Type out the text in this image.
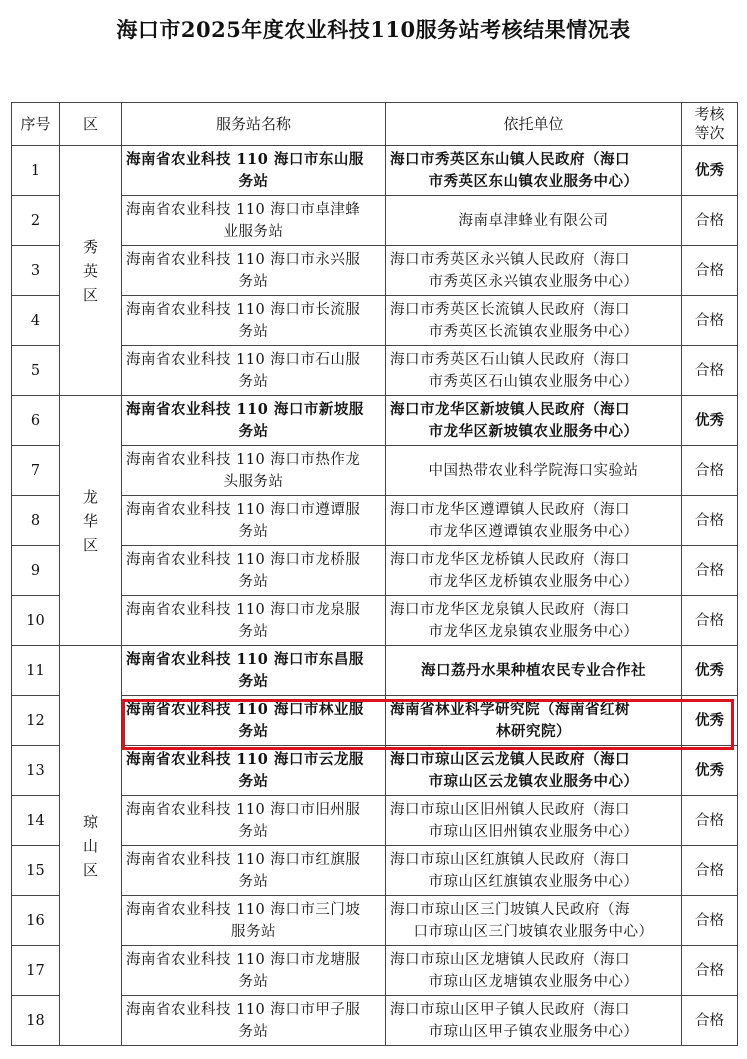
海口市2025年度农业科技110服务站考核结果情况表
序号	区	服务站名称	依托单位	考核
等次

1	秀英区	海南省农业科技 110 海口市东山服
务站	海口市秀英区东山镇人民政府（海口
市秀英区东山镇农业服务中心）	优秀
2		海南省农业科技 110 海口市卓津蜂
业服务站	海南卓津蜂业有限公司	合格
3		海南省农业科技 110 海口市永兴服
务站	海口市秀英区永兴镇人民政府（海口
市秀英区永兴镇农业服务中心）	合格
4		海南省农业科技 110 海口市长流服
务站	海口市秀英区长流镇人民政府（海口
市秀英区长流镇农业服务中心）	合格
5		海南省农业科技 110 海口市石山服
务站	海口市秀英区石山镇人民政府（海口
市秀英区石山镇农业服务中心）	合格
6	龙华区	海南省农业科技 110 海口市新坡服
务站	海口市龙华区新坡镇人民政府（海口
市龙华区新坡镇农业服务中心）	优秀
7		海南省农业科技 110 海口市热作龙
头服务站	中国热带农业科学院海口实验站	合格
8		海南省农业科技 110 海口市遵谭服
务站	海口市龙华区遵谭镇人民政府（海口
市龙华区遵谭镇农业服务中心）	合格
9		海南省农业科技 110 海口市龙桥服
务站	海口市龙华区龙桥镇人民政府（海口
市龙华区龙桥镇农业服务中心）	合格
10		海南省农业科技 110 海口市龙泉服
务站	海口市龙华区龙泉镇人民政府（海口
市龙华区龙泉镇农业服务中心）	合格
11	琼山区	海南省农业科技 110 海口市东昌服
务站	海口荔丹水果种植农民专业合作社	优秀
12		海南省农业科技 110 海口市林业服
务站	海南省林业科学研究院（海南省红树
林研究院）	优秀
13		海南省农业科技 110 海口市云龙服
务站	海口市琼山区云龙镇人民政府（海口
市琼山区云龙镇农业服务中心）	优秀
14		海南省农业科技 110 海口市旧州服
务站	海口市琼山区旧州镇人民政府（海口
市琼山区旧州镇农业服务中心）	合格
15		海南省农业科技 110 海口市红旗服
务站	海口市琼山区红旗镇人民政府（海口
市琼山区红旗镇农业服务中心）	合格
16		海南省农业科技 110 海口市三门坡
服务站	海口市琼山区三门坡镇人民政府（海
口市琼山区三门坡镇农业服务中心）	合格
17		海南省农业科技 110 海口市龙塘服
务站	海口市琼山区龙塘镇人民政府（海口
市琼山区龙塘镇农业服务中心）	合格
18		海南省农业科技 110 海口市甲子服
务站	海口市琼山区甲子镇人民政府（海口
市琼山区甲子镇农业服务中心）	合格
